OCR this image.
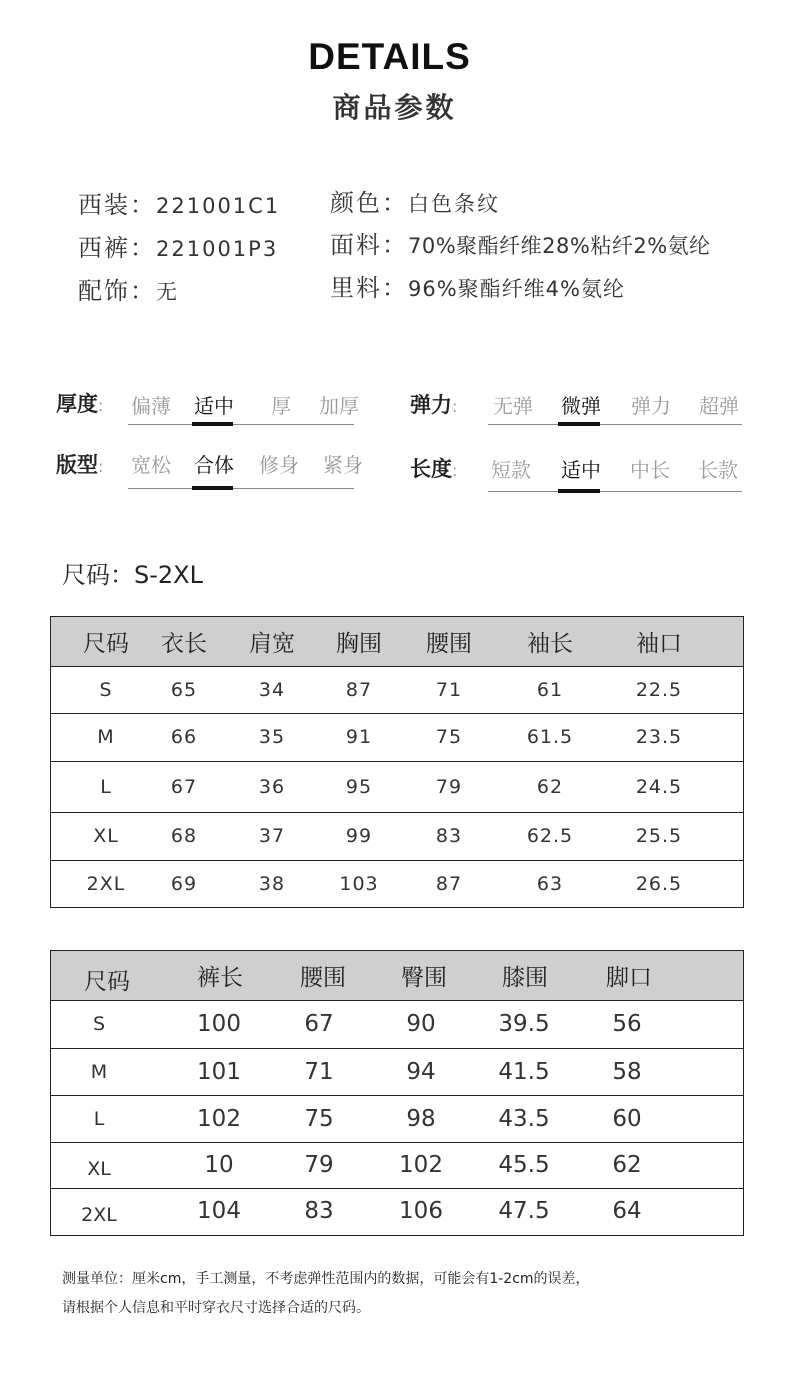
DETAILS
商品参数
西装：221001C1
西裤：221001P3
配饰：无
颜色：白色条纹
面料：70%聚酯纤维28%粘纤2%氨纶
里料：96%聚酯纤维4%氨纶
厚度: 偏薄 适中	厚	加厚
版型: 宽松 合体 修身 紧身
弹力: 无弹 微弹 弹力 超弹
长度: 短款 适中 中长 长款
尺码：S-2XL
尺码	衣长	肩宽	胸围	腰围	袖长	袖口
S	65	34	87	71	61	22.5
M	66	35	91	75	61.5	23.5
L	67	36	95	79	62	24.5
XL	68	37	99	83	62.5	25.5
2XL	69	38	103	87	63	26.5
尺码	裤长	腰围	臀围	膝围	脚口
S	100	67	90	39.5	56
M	101	71	94	41.5	58
L	102	75	98	43.5	60
XL	10	79	102	45.5	62
2XL	104	83	106	47.5	64
测量单位：厘米cm，手工测量，不考虑弹性范围内的数据，可能会有1-2cm的误差，
请根据个人信息和平时穿衣尺寸选择合适的尺码。
